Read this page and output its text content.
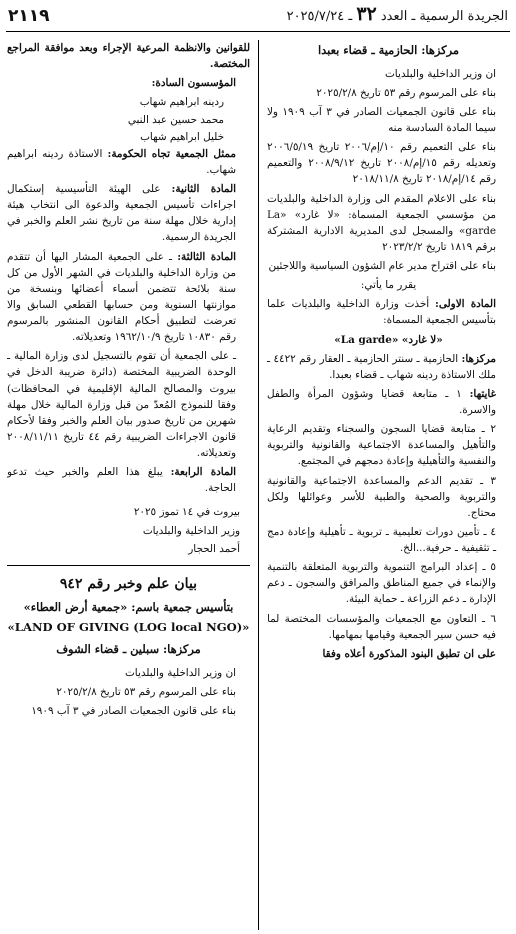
٢١١٩	الجريدة الرسمية ـ العدد ٣٢ ـ ٢٠٢٥/٧/٢٤
مركزها: الحازمية ـ قضاء بعبدا

ان وزير الداخلية والبلديات

بناء على المرسوم رقم ٥٣ تاريخ ٢٠٢٥/٢/٨

بناء على قانون الجمعيات الصادر في ٣ آب ١٩٠٩ ولا سيما المادة السادسة منه

بناء على التعميم رقم ١٠/إم/٢٠٠٦ تاريخ ٢٠٠٦/٥/١٩ وتعديله رقم ١٥/إم/٢٠٠٨ تاريخ ٢٠٠٨/٩/١٢ والتعميم رقم ١٤/إم/٢٠١٨ تاريخ ٢٠١٨/١١/٨

بناء على الاعلام المقدم الى وزارة الداخلية والبلديات من مؤسسي الجمعية المسماة: «لا غارد» «La garde» والمسجل لدى المديرية الادارية المشتركة برقم ١٨١٩ تاريخ ٢٠٢٣/٢/٢

بناء على اقتراح مدير عام الشؤون السياسية واللاجئين

يقرر ما يأتي:

المادة الاولى: أخذت وزارة الداخلية والبلديات علما بتأسيس الجمعية المسماة:

«لا غارد» «La garde»

مركزها: الحازمية ـ سنتر الحازمية ـ العقار رقم ٤٤٢٢ ـ ملك الاستاذة ردينه شهاب ـ قضاء بعبدا.

غايتها: ١ ـ متابعة قضايا وشؤون المرأة والطفل والاسرة.

٢ ـ متابعة قضايا السجون والسجناء وتقديم الرعاية والتأهيل والمساعدة الاجتماعية والقانونية والتربوية والنفسية والتأهيلية وإعادة دمجهم في المجتمع.

٣ ـ تقديم الدعم والمساعدة الاجتماعية والقانونية والتربوية والصحية والطبية للأسر وعوائلها ولكل محتاج.

٤ ـ تأمين دورات تعليمية ـ تربوية ـ تأهيلية وإعادة دمج ـ تثقيفية ـ حرفية...الخ.

٥ ـ إعداد البرامج التنموية والتربوية المتعلقة بالتنمية والإنماء في جميع المناطق والمرافق والسجون ـ دعم الإدارة ـ دعم الزراعة ـ حماية البيئة.

٦ ـ التعاون مع الجمعيات والمؤسسات المختصة لما فيه حسن سير الجمعية وقيامها بمهامها.

على ان تطبق البنود المذكورة أعلاه وفقا

للقوانين والانظمة المرعية الإجراء وبعد موافقة المراجع المختصة.

المؤسسون السادة:

ردينه ابراهيم شهاب

محمد حسين عبد النبي

خليل ابراهيم شهاب

ممثل الجمعية تجاه الحكومة: الاستاذة ردينه ابراهيم شهاب.

المادة الثانية: على الهيئة التأسيسية إستكمال اجراءات تأسيس الجمعية والدعوة الى انتخاب هيئة إدارية خلال مهلة سنة من تاريخ نشر العلم والخبر في الجريدة الرسمية.

المادة الثالثة: ـ على الجمعية المشار اليها أن تتقدم من وزارة الداخلية والبلديات في الشهر الأول من كل سنة بلائحة تتضمن أسماء أعضائها وبنسخة من موازنتها السنوية ومن حسابها القطعي السابق والا تعرضت لتطبيق أحكام القانون المنشور بالمرسوم رقم ١٠٨٣٠ تاريخ ١٩٦٢/١٠/٩ وتعديلاته.

ـ على الجمعية أن تقوم بالتسجيل لدى وزارة المالية ـ الوحدة الضريبية المختصة (دائرة ضريبة الدخل في بيروت والمصالح المالية الإقليمية في المحافظات) وفقا للنموذج المُعدّ من قبل وزارة المالية خلال مهلة شهرين من تاريخ صدور بيان العلم والخبر وفقا لأحكام قانون الاجراءات الضريبية رقم ٤٤ تاريخ ٢٠٠٨/١١/١١ وتعديلاته.

المادة الرابعة: يبلغ هذا العلم والخبر حيث تدعو الحاجة.

بيروت في ١٤ تموز ٢٠٢٥

وزير الداخلية والبلديات

أحمد الحجار

بيان علم وخبر رقم ٩٤٢
بتأسيس جمعية باسم: «جمعية أرض العطاء»
«LAND OF GIVING (LOG local NGO)»
مركزها: سبلين ـ قضاء الشوف

ان وزير الداخلية والبلديات

بناء على المرسوم رقم ٥٣ تاريخ ٢٠٢٥/٢/٨

بناء على قانون الجمعيات الصادر في ٣ آب ١٩٠٩
